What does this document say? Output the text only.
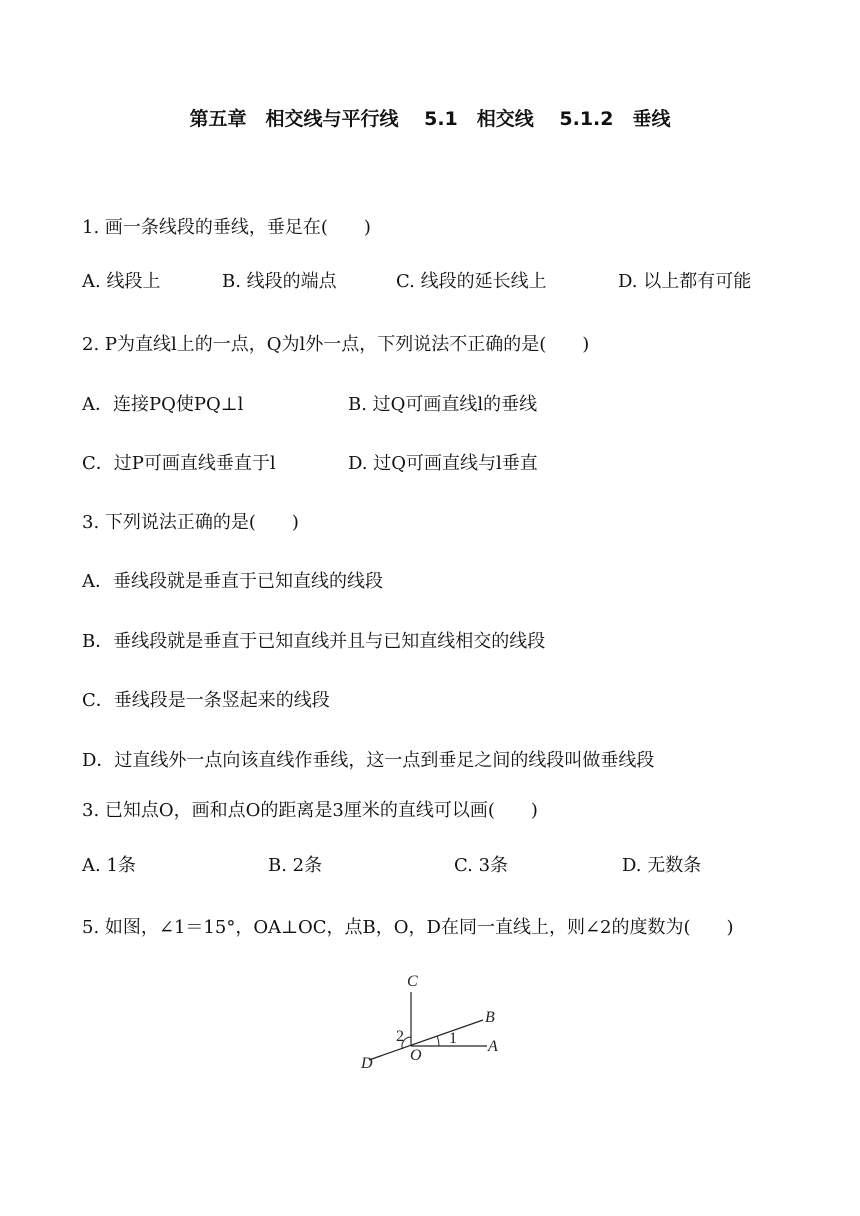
第五章　相交线与平行线　 5.1　相交线　 5.1.2　垂线
1. 画一条线段的垂线，垂足在(　　)
A. 线段上	B. 线段的端点	C. 线段的延长线上	D. 以上都有可能
2. P为直线l上的一点，Q为l外一点，下列说法不正确的是(　　)
A．连接PQ使PQ⊥l	B. 过Q可画直线l的垂线
C．过P可画直线垂直于l	D. 过Q可画直线与l垂直
3. 下列说法正确的是(　　)
A．垂线段就是垂直于已知直线的线段
B．垂线段就是垂直于已知直线并且与已知直线相交的线段
C．垂线段是一条竖起来的线段
D．过直线外一点向该直线作垂线，这一点到垂足之间的线段叫做垂线段
3. 已知点O，画和点O的距离是3厘米的直线可以画(　　)
A. 1条	B. 2条	C. 3条	D. 无数条
5. 如图，∠1＝15°，OA⊥OC，点B，O，D在同一直线上，则∠2的度数为(　　)
C
B
A
O
D
1
2
